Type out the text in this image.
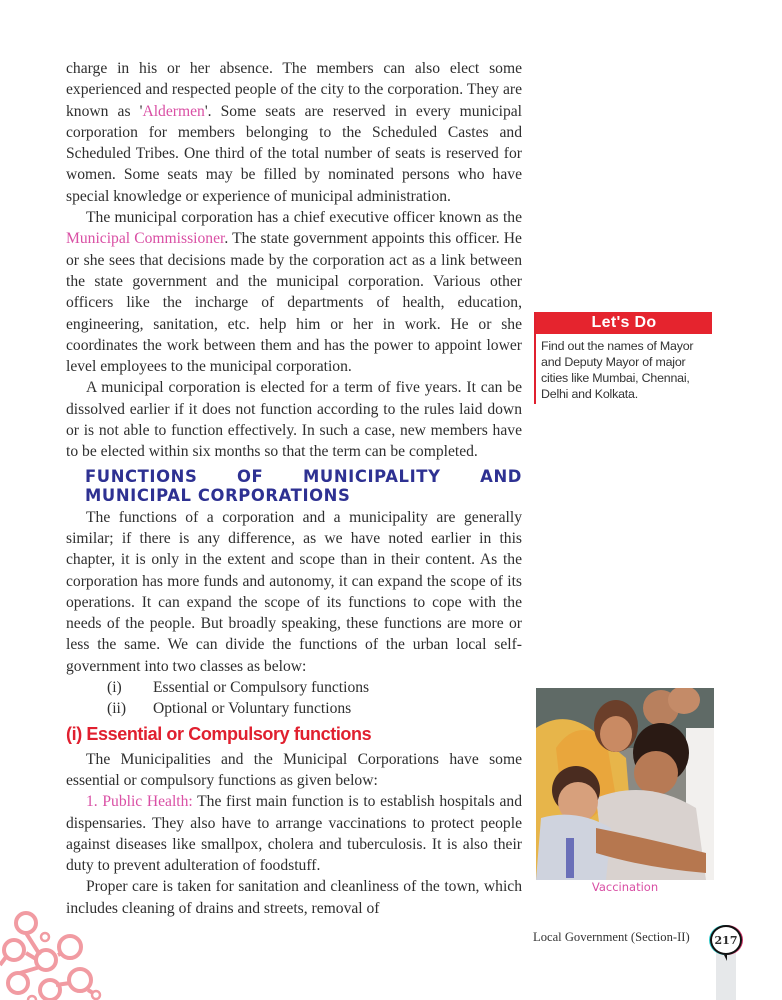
charge in his or her absence. The members can also elect some experienced and respected people of the city to the corporation. They are known as 'Aldermen'. Some seats are reserved in every municipal corporation for members belonging to the Scheduled Castes and Scheduled Tribes. One third of the total number of seats is reserved for women. Some seats may be filled by nominated persons who have special knowledge or experience of municipal administration.

The municipal corporation has a chief executive officer known as the Municipal Commissioner. The state government appoints this officer. He or she sees that decisions made by the corporation act as a link between the state government and the municipal corporation. Various other officers like the incharge of departments of health, education, engineering, sanitation, etc. help him or her in work. He or she coordinates the work between them and has the power to appoint lower level employees to the municipal corporation.

A municipal corporation is elected for a term of five years. It can be dissolved earlier if it does not function according to the rules laid down or is not able to function effectively. In such a case, new members have to be elected within six months so that the term can be completed.

FUNCTIONS OF MUNICIPALITY AND MUNICIPAL CORPORATIONS

The functions of a corporation and a municipality are generally similar; if there is any difference, as we have noted earlier in this chapter, it is only in the extent and scope than in their content. As the corporation has more funds and autonomy, it can expand the scope of its operations. It can expand the scope of its functions to cope with the needs of the people. But broadly speaking, these functions are more or less the same. We can divide the functions of the urban local self-government into two classes as below:

(i)	Essential or Compulsory functions
(ii)	Optional or Voluntary functions

(i) Essential or Compulsory functions

The Municipalities and the Municipal Corporations have some essential or compulsory functions as given below:

1. Public Health: The first main function is to establish hospitals and dispensaries. They also have to arrange vaccinations to protect people against diseases like smallpox, cholera and tuberculosis. It is also their duty to prevent adulteration of foodstuff.

Proper care is taken for sanitation and cleanliness of the town, which includes cleaning of drains and streets, removal of

Let's Do
Find out the names of Mayor and Deputy Mayor of major cities like Mumbai, Chennai, Delhi and Kolkata.
Vaccination
Local Government (Section-II)	217
